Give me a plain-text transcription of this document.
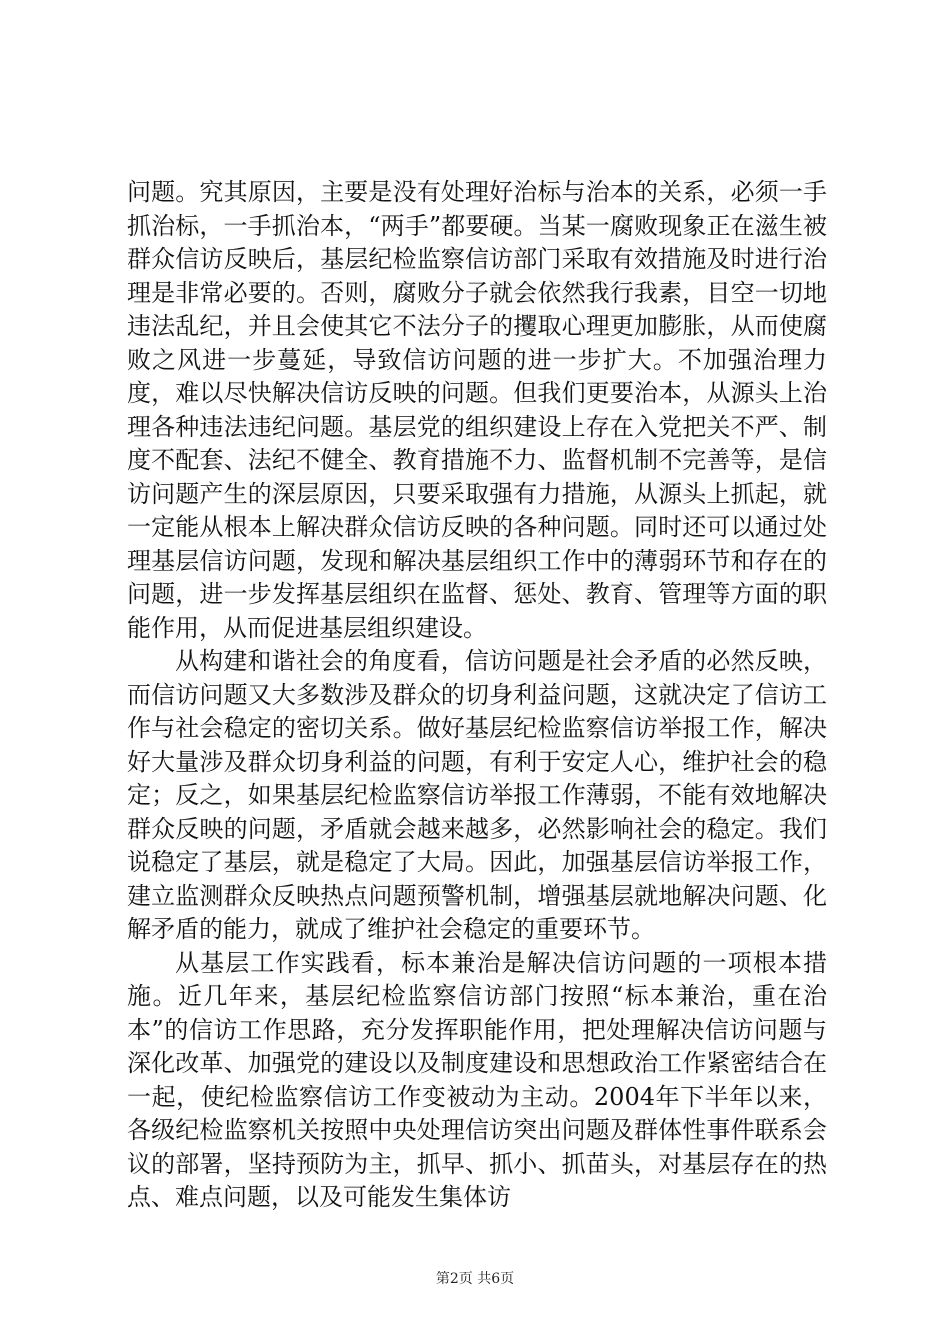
问题。究其原因，主要是没有处理好治标与治本的关系，必须一手抓治标，一手抓治本，“两手”都要硬。当某一腐败现象正在滋生被群众信访反映后，基层纪检监察信访部门采取有效措施及时进行治理是非常必要的。否则，腐败分子就会依然我行我素，目空一切地违法乱纪，并且会使其它不法分子的攫取心理更加膨胀，从而使腐败之风进一步蔓延，导致信访问题的进一步扩大。不加强治理力度，难以尽快解决信访反映的问题。但我们更要治本，从源头上治理各种违法违纪问题。基层党的组织建设上存在入党把关不严、制度不配套、法纪不健全、教育措施不力、监督机制不完善等，是信访问题产生的深层原因，只要采取强有力措施，从源头上抓起，就一定能从根本上解决群众信访反映的各种问题。同时还可以通过处理基层信访问题，发现和解决基层组织工作中的薄弱环节和存在的问题，进一步发挥基层组织在监督、惩处、教育、管理等方面的职能作用，从而促进基层组织建设。

从构建和谐社会的角度看，信访问题是社会矛盾的必然反映，而信访问题又大多数涉及群众的切身利益问题，这就决定了信访工作与社会稳定的密切关系。做好基层纪检监察信访举报工作，解决好大量涉及群众切身利益的问题，有利于安定人心，维护社会的稳定；反之，如果基层纪检监察信访举报工作薄弱，不能有效地解决群众反映的问题，矛盾就会越来越多，必然影响社会的稳定。我们说稳定了基层，就是稳定了大局。因此，加强基层信访举报工作，建立监测群众反映热点问题预警机制，增强基层就地解决问题、化解矛盾的能力，就成了维护社会稳定的重要环节。

从基层工作实践看，标本兼治是解决信访问题的一项根本措施。近几年来，基层纪检监察信访部门按照“标本兼治，重在治本”的信访工作思路，充分发挥职能作用，把处理解决信访问题与深化改革、加强党的建设以及制度建设和思想政治工作紧密结合在一起，使纪检监察信访工作变被动为主动。2004年下半年以来，各级纪检监察机关按照中央处理信访突出问题及群体性事件联系会议的部署，坚持预防为主，抓早、抓小、抓苗头，对基层存在的热点、难点问题，以及可能发生集体访

第2页 共6页
